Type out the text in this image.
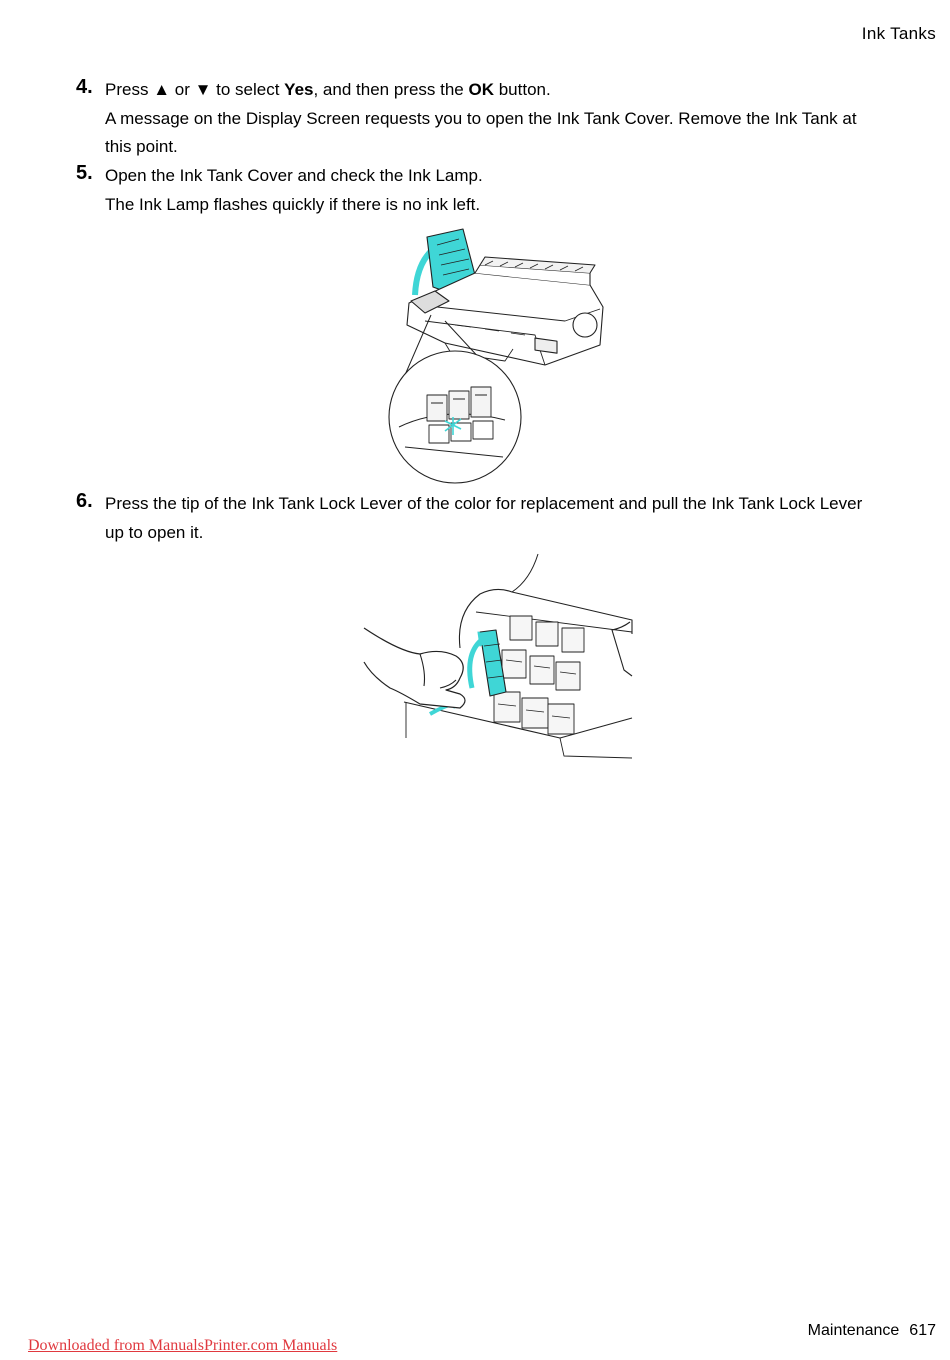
Ink Tanks
4. Press ▲ or ▼ to select Yes, and then press the OK button.
A message on the Display Screen requests you to open the Ink Tank Cover. Remove the Ink Tank at this point.
5. Open the Ink Tank Cover and check the Ink Lamp.
The Ink Lamp flashes quickly if there is no ink left.
6. Press the tip of the Ink Tank Lock Lever of the color for replacement and pull the Ink Tank Lock Lever up to open it.
Maintenance 617
Downloaded from ManualsPrinter.com Manuals
